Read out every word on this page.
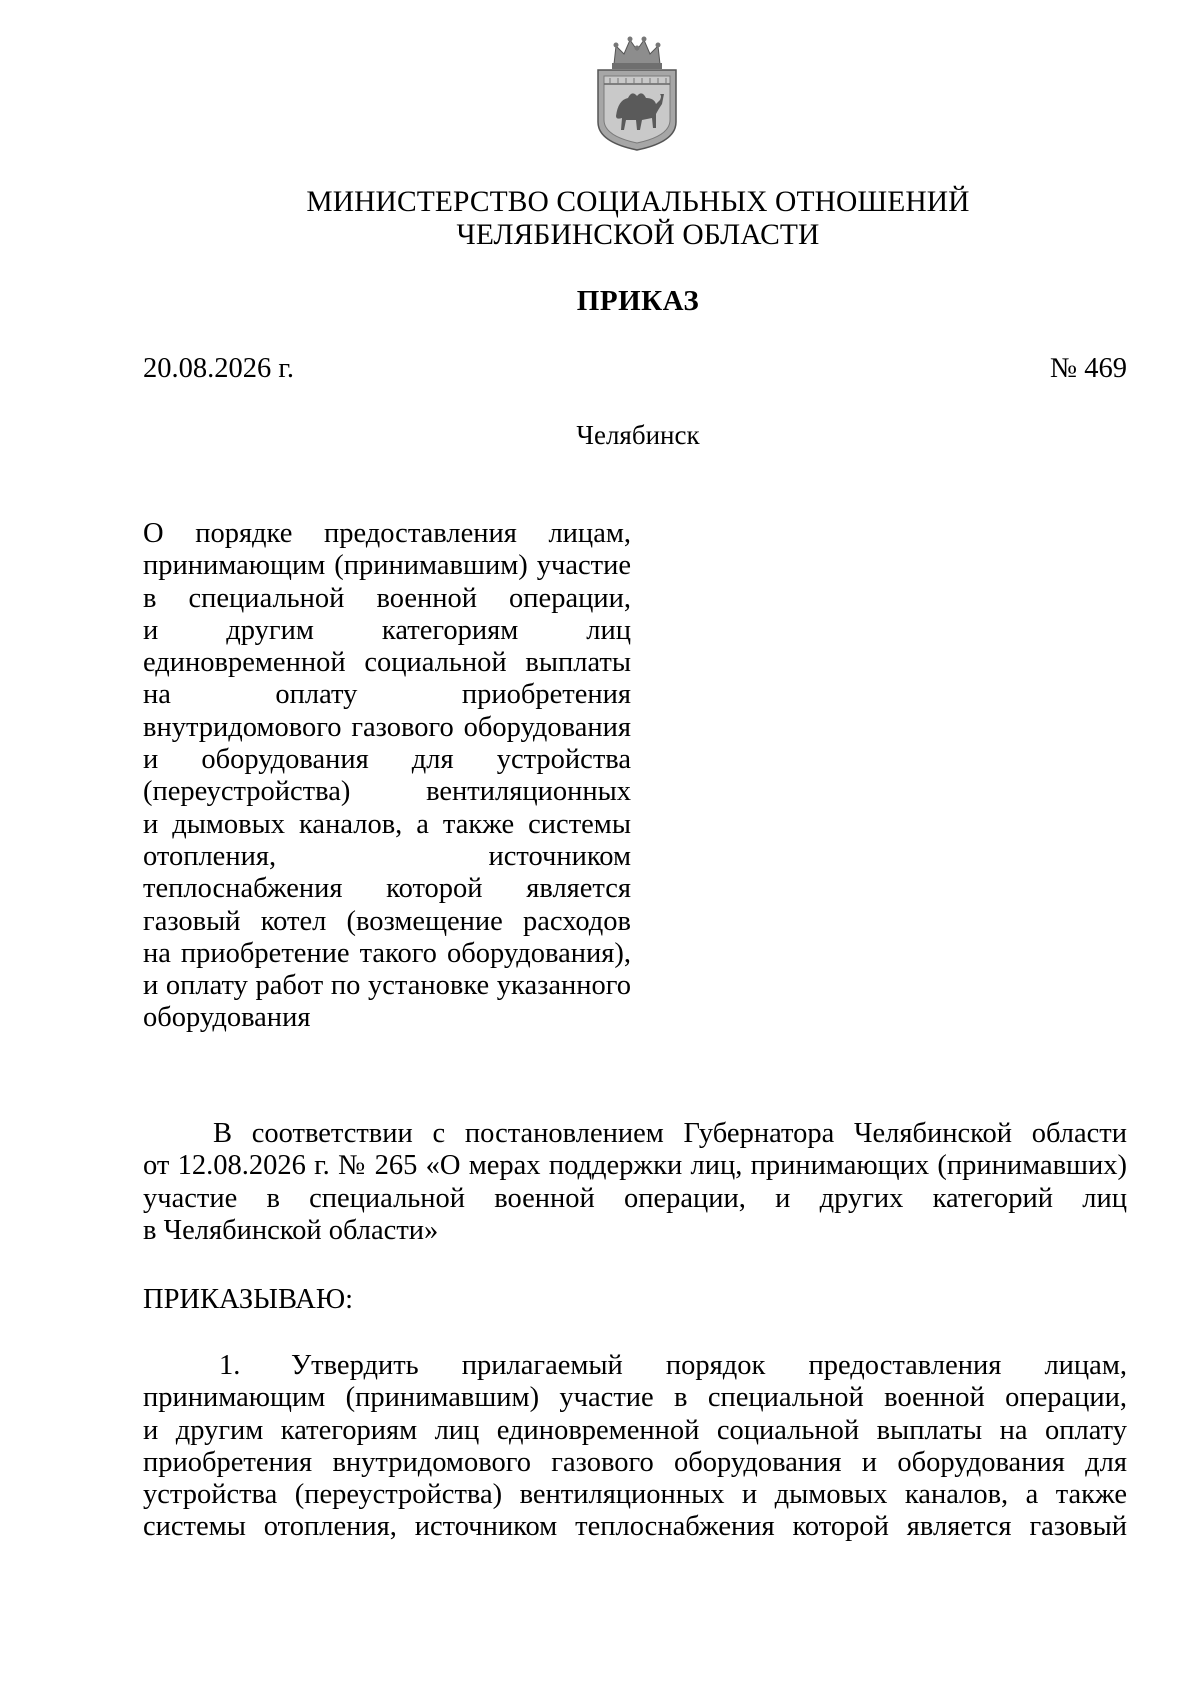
МИНИСТЕРСТВО СОЦИАЛЬНЫХ ОТНОШЕНИЙ
ЧЕЛЯБИНСКОЙ ОБЛАСТИ
ПРИКАЗ
20.08.2026 г.	№ 469
Челябинск
О порядке предоставления лицам,
принимающим (принимавшим) участие
в специальной военной операции,
и другим категориям лиц
единовременной социальной выплаты
на оплату приобретения
внутридомового газового оборудования
и оборудования для устройства
(переустройства) вентиляционных
и дымовых каналов, а также системы
отопления, источником
теплоснабжения которой является
газовый котел (возмещение расходов
на приобретение такого оборудования),
и оплату работ по установке указанного
оборудования
В соответствии с постановлением Губернатора Челябинской области
от 12.08.2026 г. № 265 «О мерах поддержки лиц, принимающих (принимавших)
участие в специальной военной операции, и других категорий лиц
в Челябинской области»
ПРИКАЗЫВАЮ:
1. Утвердить прилагаемый порядок предоставления лицам,
принимающим (принимавшим) участие в специальной военной операции,
и другим категориям лиц единовременной социальной выплаты на оплату
приобретения внутридомового газового оборудования и оборудования для
устройства (переустройства) вентиляционных и дымовых каналов, а также
системы отопления, источником теплоснабжения которой является газовый
